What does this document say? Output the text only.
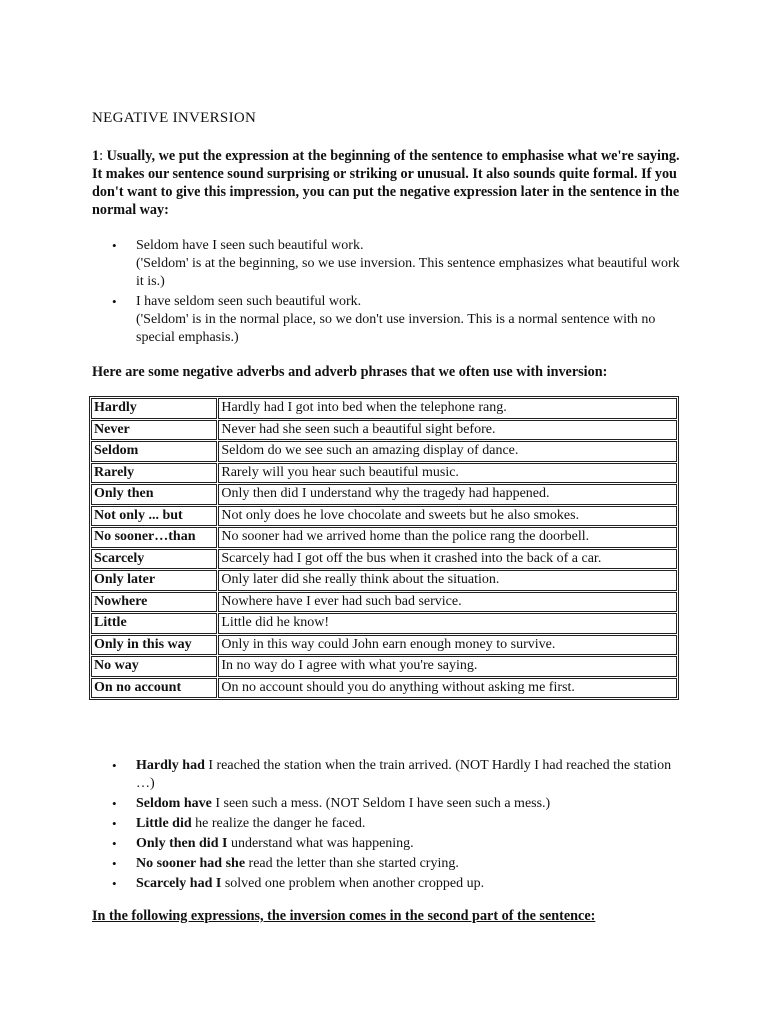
NEGATIVE INVERSION
1: Usually, we put the expression at the beginning of the sentence to emphasise what we're saying. It makes our sentence sound surprising or striking or unusual. It also sounds quite formal. If you don't want to give this impression, you can put the negative expression later in the sentence in the normal way:
• Seldom have I seen such beautiful work.
('Seldom' is at the beginning, so we use inversion. This sentence emphasizes what beautiful work it is.)
• I have seldom seen such beautiful work.
('Seldom' is in the normal place, so we don't use inversion. This is a normal sentence with no special emphasis.)
Here are some negative adverbs and adverb phrases that we often use with inversion:
Hardly	Hardly had I got into bed when the telephone rang.
Never	Never had she seen such a beautiful sight before.
Seldom	Seldom do we see such an amazing display of dance.
Rarely	Rarely will you hear such beautiful music.
Only then	Only then did I understand why the tragedy had happened.
Not only ... but	Not only does he love chocolate and sweets but he also smokes.
No sooner…than	No sooner had we arrived home than the police rang the doorbell.
Scarcely	Scarcely had I got off the bus when it crashed into the back of a car.
Only later	Only later did she really think about the situation.
Nowhere	Nowhere have I ever had such bad service.
Little	Little did he know!
Only in this way	Only in this way could John earn enough money to survive.
No way	In no way do I agree with what you're saying.
On no account	On no account should you do anything without asking me first.
• Hardly had I reached the station when the train arrived. (NOT Hardly I had reached the station …)
• Seldom have I seen such a mess. (NOT Seldom I have seen such a mess.)
• Little did he realize the danger he faced.
• Only then did I understand what was happening.
• No sooner had she read the letter than she started crying.
• Scarcely had I solved one problem when another cropped up.
In the following expressions, the inversion comes in the second part of the sentence:
